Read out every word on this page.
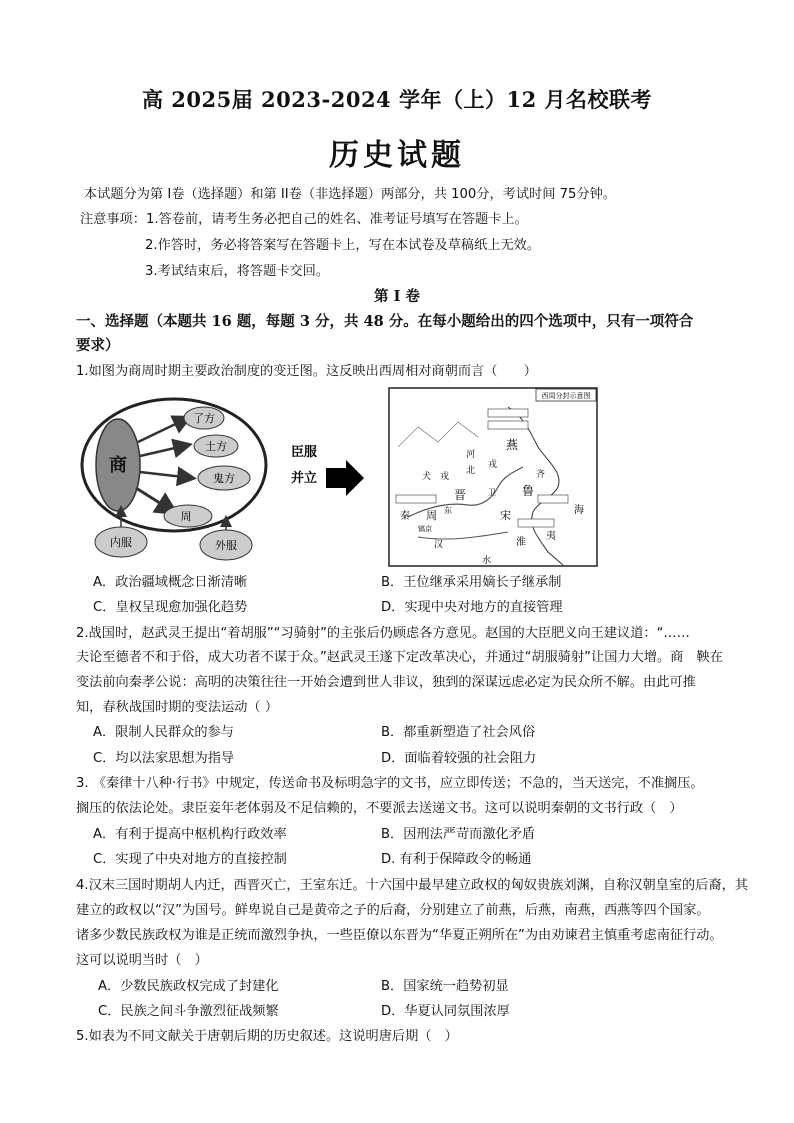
高 2025届 2023-2024 学年（上）12 月名校联考
历史试题
本试题分为第 I卷（选择题）和第 II卷（非选择题）两部分，共 100分，考试时间 75分钟。
注意事项：1.答卷前，请考生务必把自己的姓名、准考证号填写在答题卡上。
2.作答时，务必将答案写在答题卡上，写在本试卷及草稿纸上无效。
3.考试结束后，将答题卡交回。
第 I 卷
一、选择题（本题共 16 题，每题 3 分，共 48 分。在每小题给出的四个选项中，只有一项符合
要求）
1.如图为商周时期主要政治制度的变迁图。这反映出西周相对商朝而言（　　）
商
了方
土方
鬼方
周
内服	外服
臣服
并立
西周分封示意图
燕
河
北
戎
犬 戎
晋	鲁
齐
卫
宋
秦 周
镐京
淮
夷
海
汉
水
东
A．政治疆域概念日渐清晰	B．王位继承采用嫡长子继承制
C．皇权呈现愈加强化趋势	D．实现中央对地方的直接管理
2.战国时，赵武灵王提出“着胡服”“习骑射”的主张后仍顾虑各方意见。赵国的大臣肥义向王建议道：“……
夫论至德者不和于俗，成大功者不谋于众。”赵武灵王遂下定改革决心，并通过“胡服骑射”让国力大增。商　鞅在
变法前向秦孝公说：高明的决策往往一开始会遭到世人非议，独到的深谋远虑必定为民众所不解。由此可推
知，春秋战国时期的变法运动（ ）
A．限制人民群众的参与	B．都重新塑造了社会风俗
C．均以法家思想为指导	D．面临着较强的社会阻力
3. 《秦律十八种·行书》中规定，传送命书及标明急字的文书，应立即传送；不急的，当天送完，不准搁压。
搁压的依法论处。隶臣妾年老体弱及不足信赖的，不要派去送递文书。这可以说明秦朝的文书行政（　）
A．有利于提高中枢机构行政效率	B．因刑法严苛而激化矛盾
C．实现了中央对地方的直接控制	D. 有利于保障政令的畅通
4.汉末三国时期胡人内迁，西晋灭亡，王室东迁。十六国中最早建立政权的匈奴贵族刘渊，自称汉朝皇室的后裔，其
建立的政权以“汉”为国号。鲜卑说自己是黄帝之子的后裔，分别建立了前燕，后燕，南燕，西燕等四个国家。
诸多少数民族政权为谁是正统而激烈争执，一些臣僚以东晋为“华夏正朔所在”为由劝谏君主慎重考虑南征行动。
这可以说明当时（　）
A．少数民族政权完成了封建化	B．国家统一趋势初显
C．民族之间斗争激烈征战频繁	D．华夏认同氛围浓厚
5.如表为不同文献关于唐朝后期的历史叙述。这说明唐后期（　）
